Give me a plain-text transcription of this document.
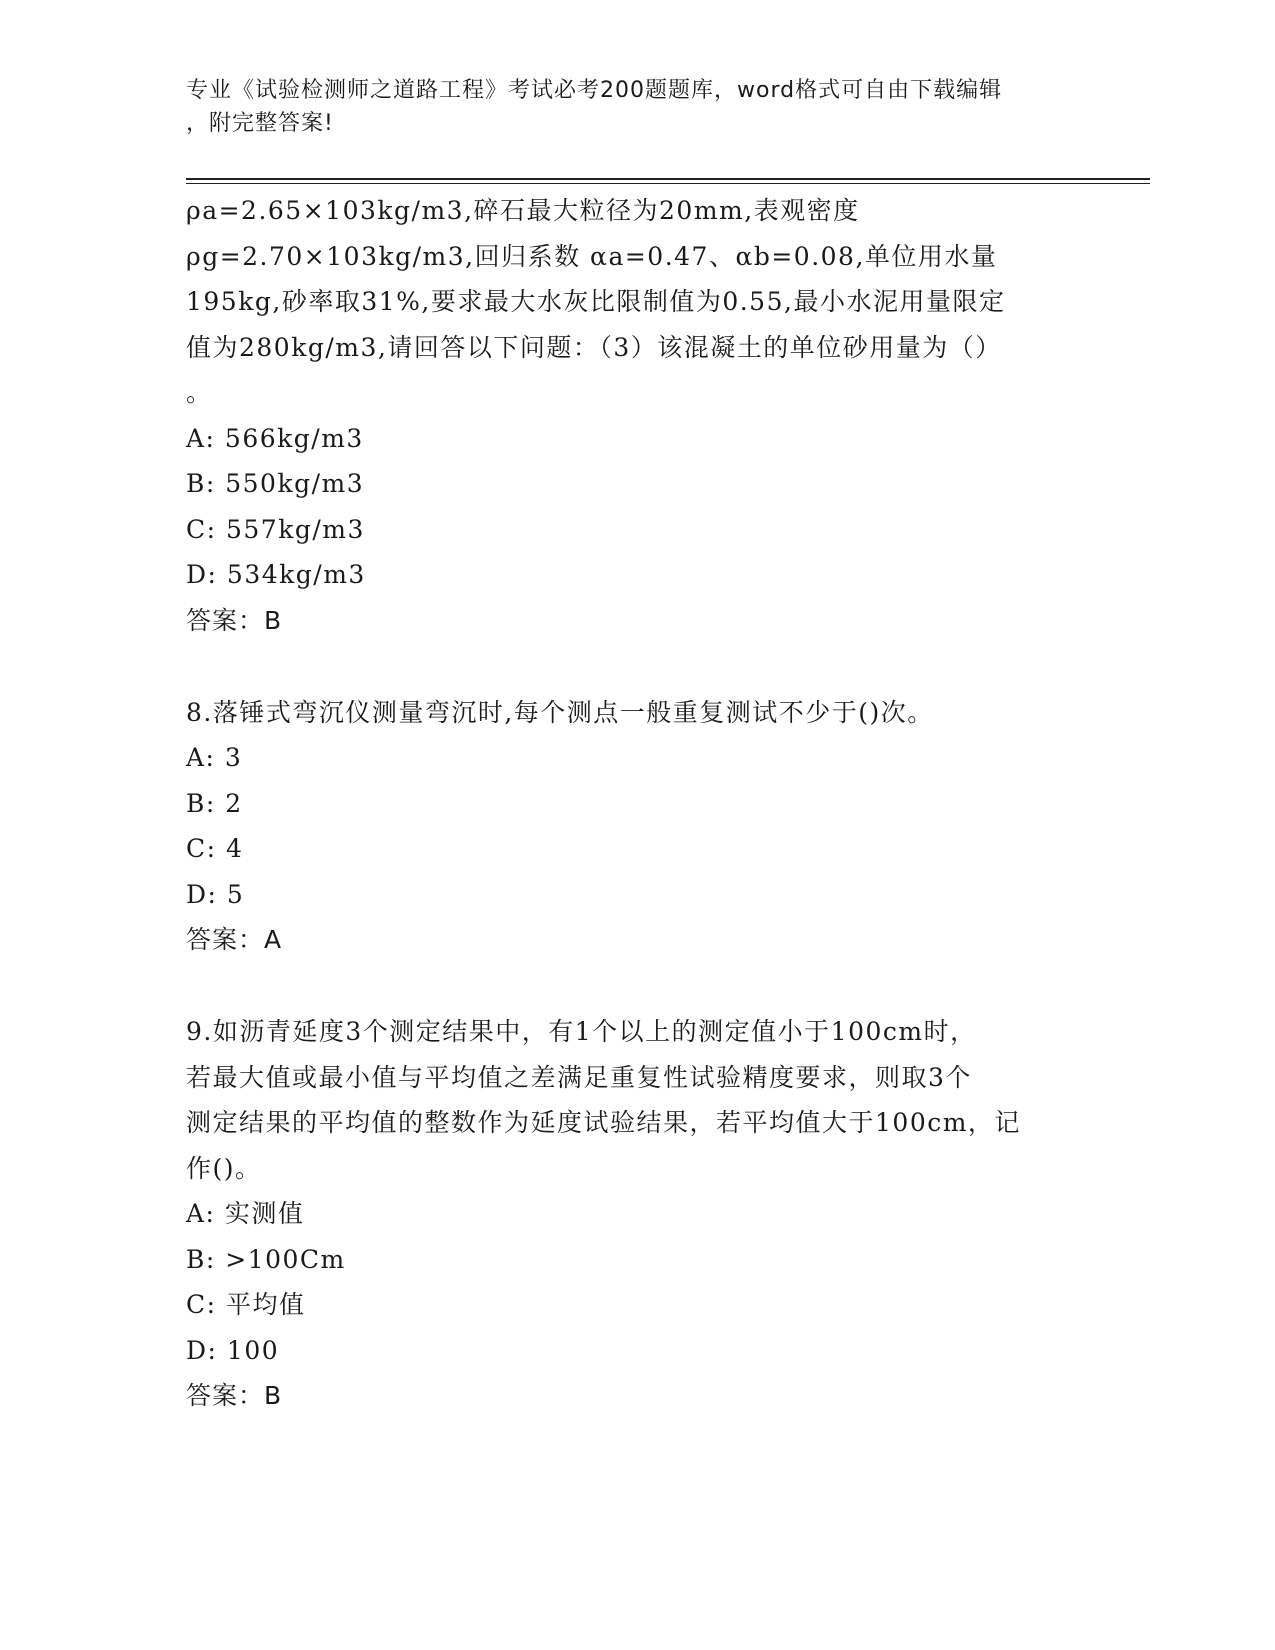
专业《试验检测师之道路工程》考试必考200题题库，word格式可自由下载编辑
，附完整答案!
ρa=2.65×103kg/m3,碎石最大粒径为20mm,表观密度
ρg=2.70×103kg/m3,回归系数 αa=0.47、αb=0.08,单位用水量
195kg,砂率取31%,要求最大水灰比限制值为0.55,最小水泥用量限定
值为280kg/m3,请回答以下问题：（3）该混凝土的单位砂用量为（）
。
A: 566kg/m3
B: 550kg/m3
C: 557kg/m3
D: 534kg/m3
答案：B
8.落锤式弯沉仪测量弯沉时,每个测点一般重复测试不少于()次。
A: 3
B: 2
C: 4
D: 5
答案：A
9.如沥青延度3个测定结果中，有1个以上的测定值小于100cm时，
若最大值或最小值与平均值之差满足重复性试验精度要求，则取3个
测定结果的平均值的整数作为延度试验结果，若平均值大于100cm，记
作()。
A: 实测值
B: >100Cm
C: 平均值
D: 100
答案：B
